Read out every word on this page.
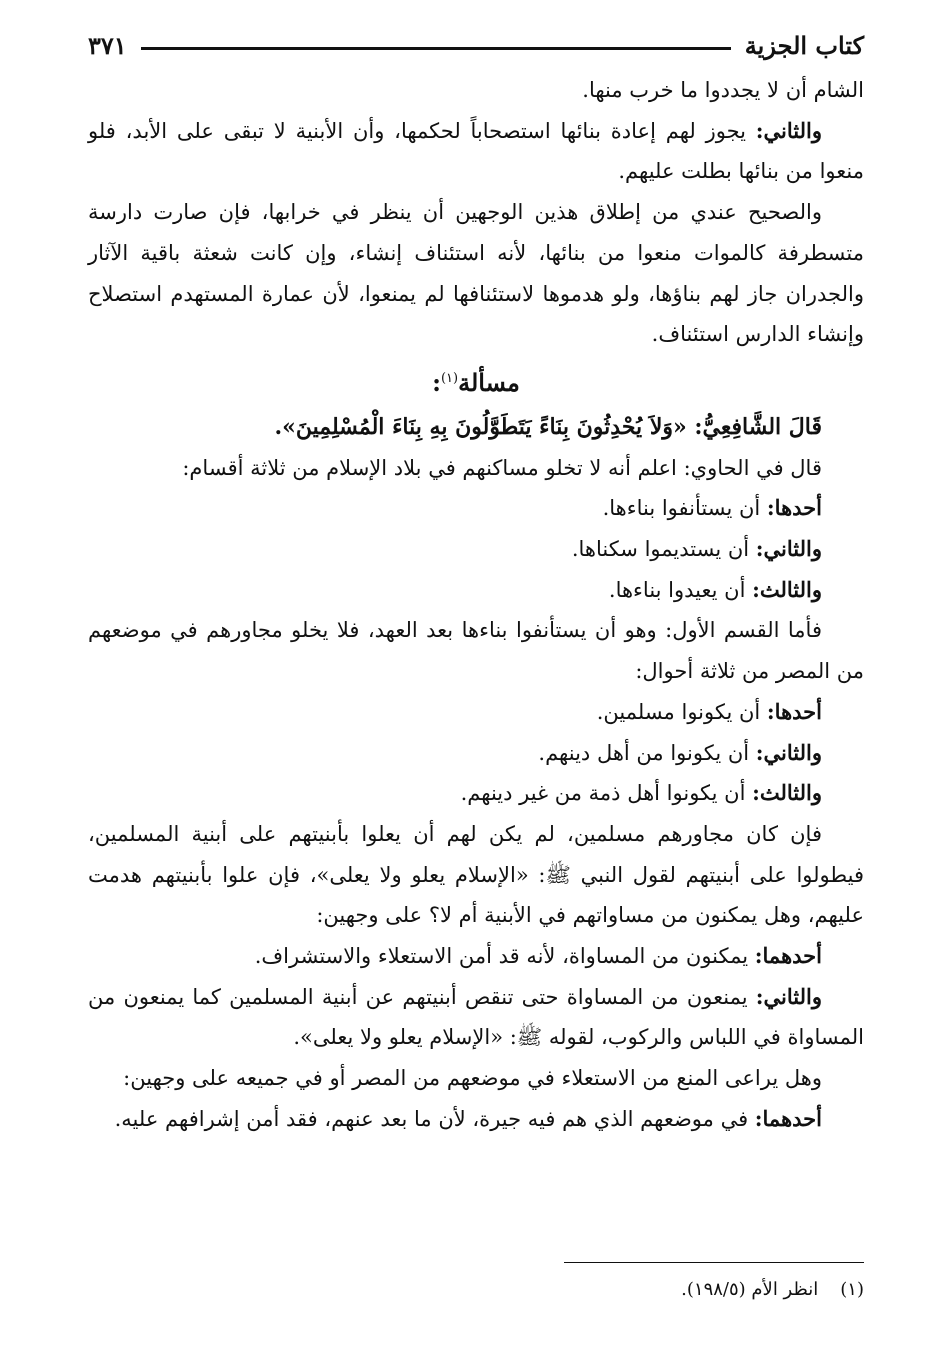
كتاب الجزية
٣٧١

الشام أن لا يجددوا ما خرب منها.

والثاني: يجوز لهم إعادة بنائها استصحاباً لحكمها، وأن الأبنية لا تبقى على الأبد، فلو منعوا من بنائها بطلت عليهم.

والصحيح عندي من إطلاق هذين الوجهين أن ينظر في خرابها، فإن صارت دارسة متسطرفة كالموات منعوا من بنائها، لأنه استئناف إنشاء، وإن كانت شعثة باقية الآثار والجدران جاز لهم بناؤها، ولو هدموها لاستئنافها لم يمنعوا، لأن عمارة المستهدم استصلاح وإنشاء الدارس استئناف.

مسألة$^{(١)}$:

قَالَ الشَّافِعِيُّ: «وَلاَ يُحْدِثُونَ بِنَاءً يَتَطَوَّلُونَ بِهِ بِنَاءَ الْمُسْلِمِينَ».

قال في الحاوي: اعلم أنه لا تخلو مساكنهم في بلاد الإسلام من ثلاثة أقسام:

أحدها: أن يستأنفوا بناءها.

والثاني: أن يستديموا سكناها.

والثالث: أن يعيدوا بناءها.

فأما القسم الأول: وهو أن يستأنفوا بناءها بعد العهد، فلا يخلو مجاورهم في موضعهم من المصر من ثلاثة أحوال:

أحدها: أن يكونوا مسلمين.

والثاني: أن يكونوا من أهل دينهم.

والثالث: أن يكونوا أهل ذمة من غير دينهم.

فإن كان مجاورهم مسلمين، لم يكن لهم أن يعلوا بأبنيتهم على أبنية المسلمين، فيطولوا على أبنيتهم لقول النبي ﷺ: «الإسلام يعلو ولا يعلى»، فإن علوا بأبنيتهم هدمت عليهم، وهل يمكنون من مساواتهم في الأبنية أم لا؟ على وجهين:

أحدهما: يمكنون من المساواة، لأنه قد أمن الاستعلاء والاستشراف.

والثاني: يمنعون من المساواة حتى تنقص أبنيتهم عن أبنية المسلمين كما يمنعون من المساواة في اللباس والركوب، لقوله ﷺ: «الإسلام يعلو ولا يعلى».

وهل يراعى المنع من الاستعلاء في موضعهم من المصر أو في جميعه على وجهين:

أحدهما: في موضعهم الذي هم فيه جيرة، لأن ما بعد عنهم، فقد أمن إشرافهم عليه.

(١)
انظر الأم (١٩٨/٥).
